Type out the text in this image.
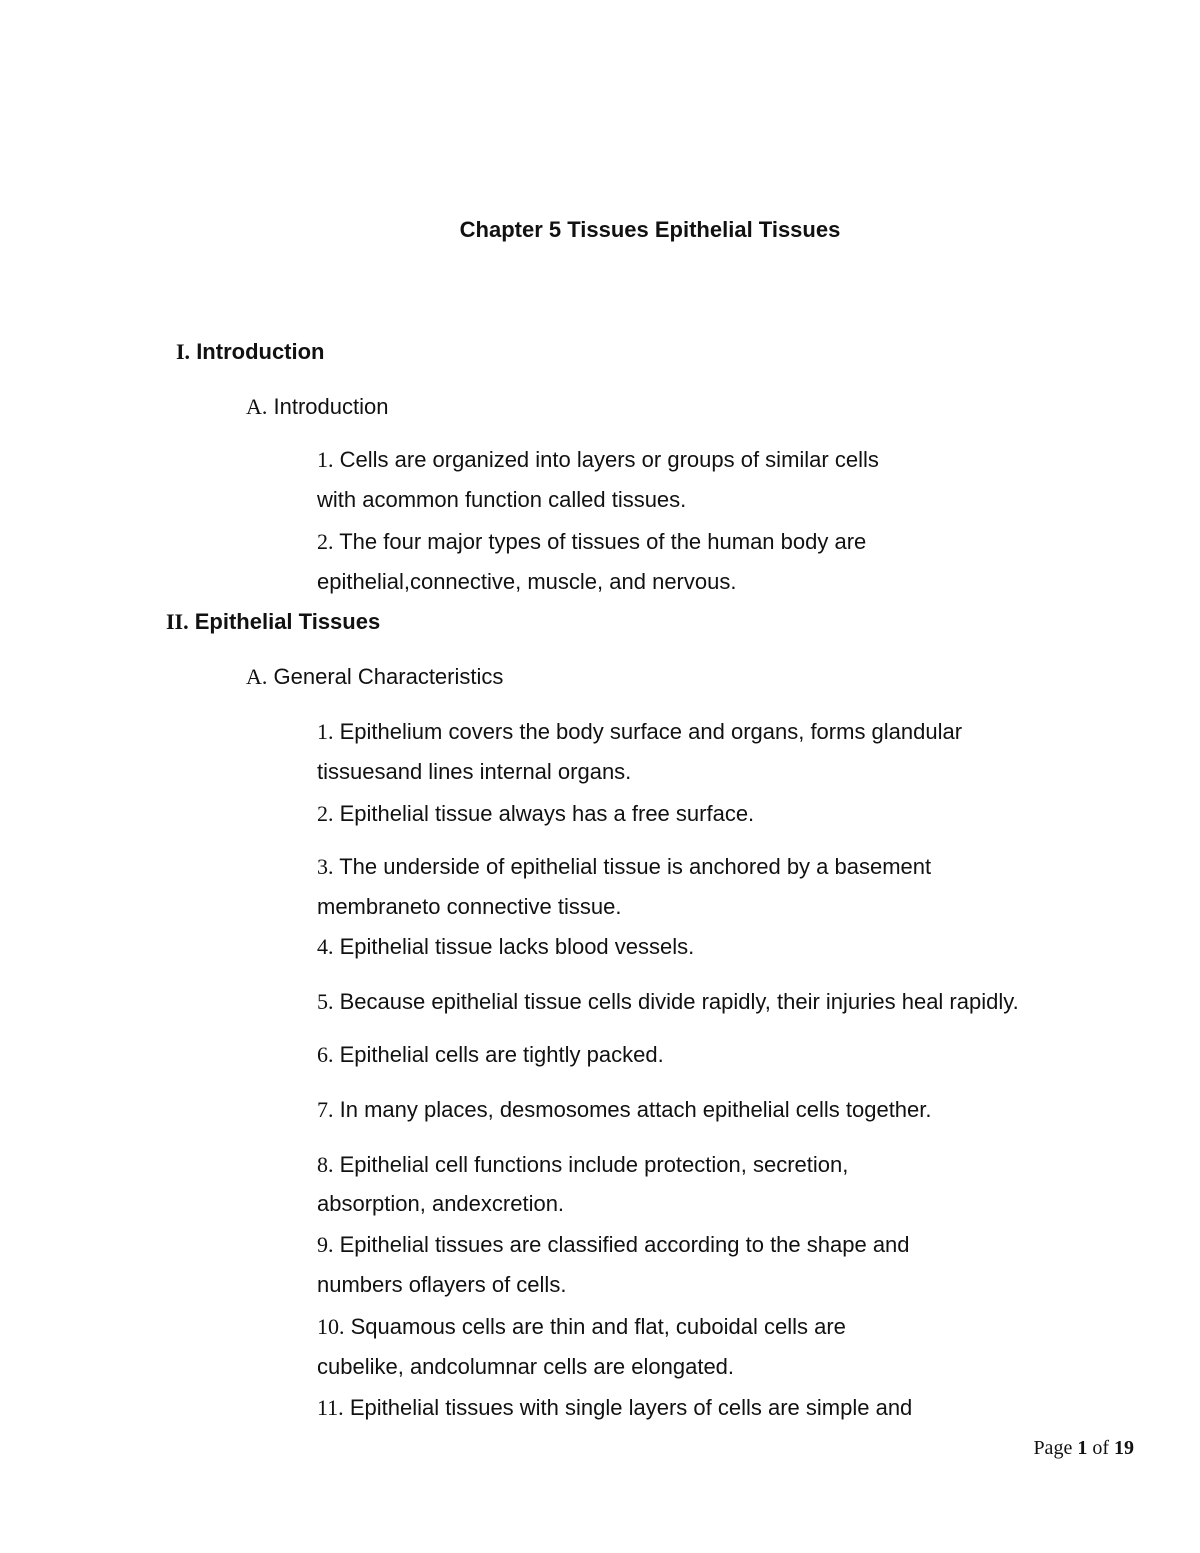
Chapter 5 Tissues Epithelial Tissues
I. Introduction
A. Introduction
1. Cells are organized into layers or groups of similar cells
with acommon function called tissues.
2. The four major types of tissues of the human body are
epithelial,connective, muscle, and nervous.
II. Epithelial Tissues
A. General Characteristics
1. Epithelium covers the body surface and organs, forms glandular
tissuesand lines internal organs.
2. Epithelial tissue always has a free surface.
3. The underside of epithelial tissue is anchored by a basement
membraneto connective tissue.
4. Epithelial tissue lacks blood vessels.
5. Because epithelial tissue cells divide rapidly, their injuries heal rapidly.
6. Epithelial cells are tightly packed.
7. In many places, desmosomes attach epithelial cells together.
8. Epithelial cell functions include protection, secretion,
absorption, andexcretion.
9. Epithelial tissues are classified according to the shape and
numbers oflayers of cells.
10. Squamous cells are thin and flat, cuboidal cells are
cubelike, andcolumnar cells are elongated.
11. Epithelial tissues with single layers of cells are simple and
Page 1 of 19
